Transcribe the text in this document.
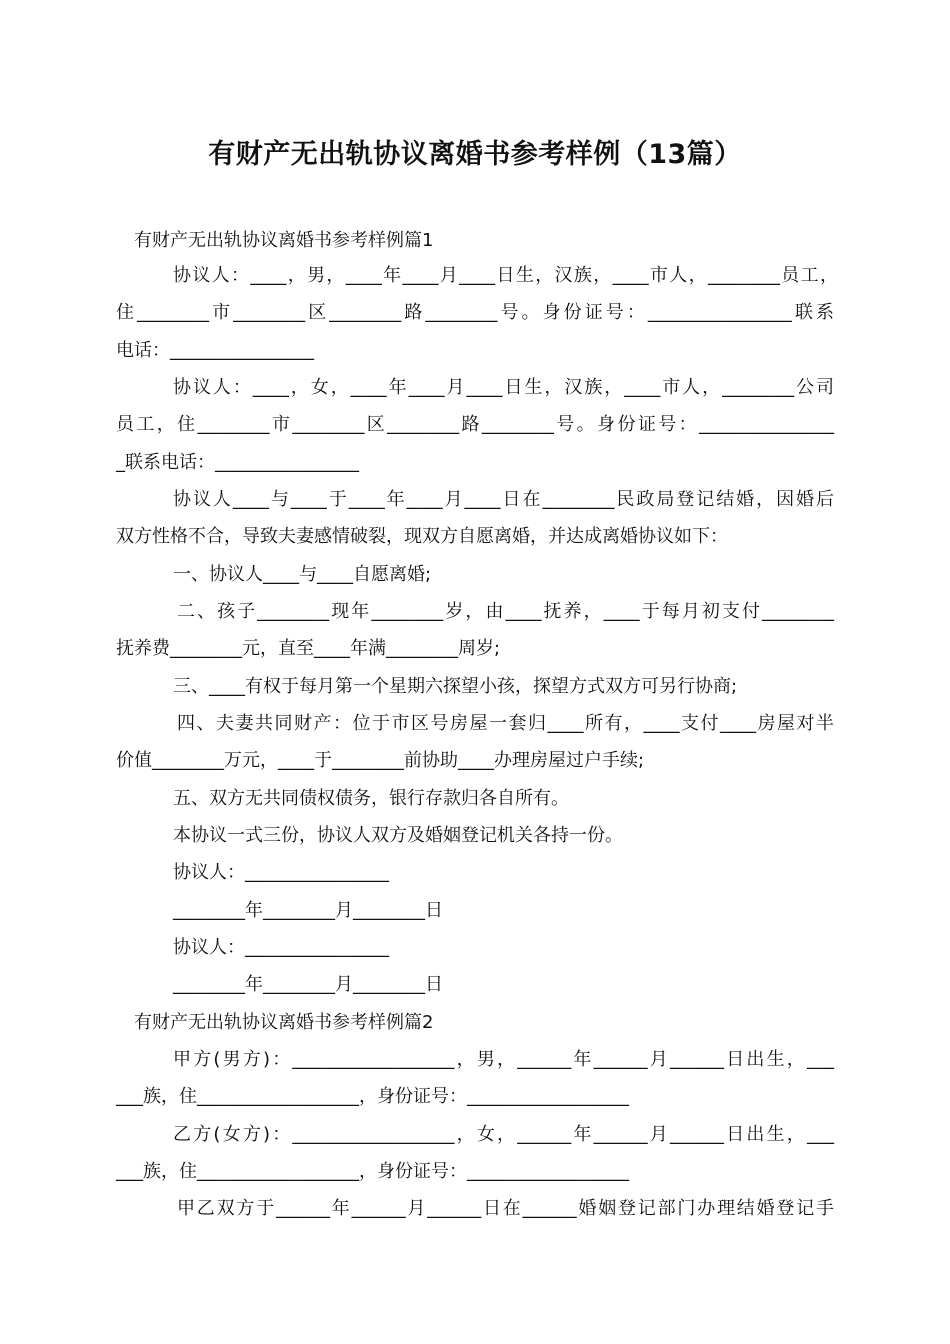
有财产无出轨协议离婚书参考样例（13篇）
有财产无出轨协议离婚书参考样例篇1
协议人：____，男，____年____月____日生，汉族，____市人，________员工，
住________市________区________路________号。身份证号：________________联系
电话：________________
协议人：____，女，____年____月____日生，汉族，____市人，________公司
员工，住________市________区________路________号。身份证号：_______________
_联系电话：________________
协议人____与____于____年____月____日在________民政局登记结婚，因婚后
双方性格不合，导致夫妻感情破裂，现双方自愿离婚，并达成离婚协议如下：
一、协议人____与____自愿离婚;
二、孩子________现年________岁，由____抚养，____于每月初支付________
抚养费________元，直至____年满________周岁;
三、____有权于每月第一个星期六探望小孩，探望方式双方可另行协商;
四、夫妻共同财产：位于市区号房屋一套归____所有，____支付____房屋对半
价值________万元，____于________前协助____办理房屋过户手续;
五、双方无共同债权债务，银行存款归各自所有。
本协议一式三份，协议人双方及婚姻登记机关各持一份。
协议人：________________
________年________月________日
协议人：________________
________年________月________日
有财产无出轨协议离婚书参考样例篇2
甲方(男方)：__________________，男，______年______月______日出生，___
___族，住__________________，身份证号：__________________
乙方(女方)：__________________，女，______年______月______日出生，___
___族，住__________________，身份证号：__________________
甲乙双方于______年______月______日在______婚姻登记部门办理结婚登记手
